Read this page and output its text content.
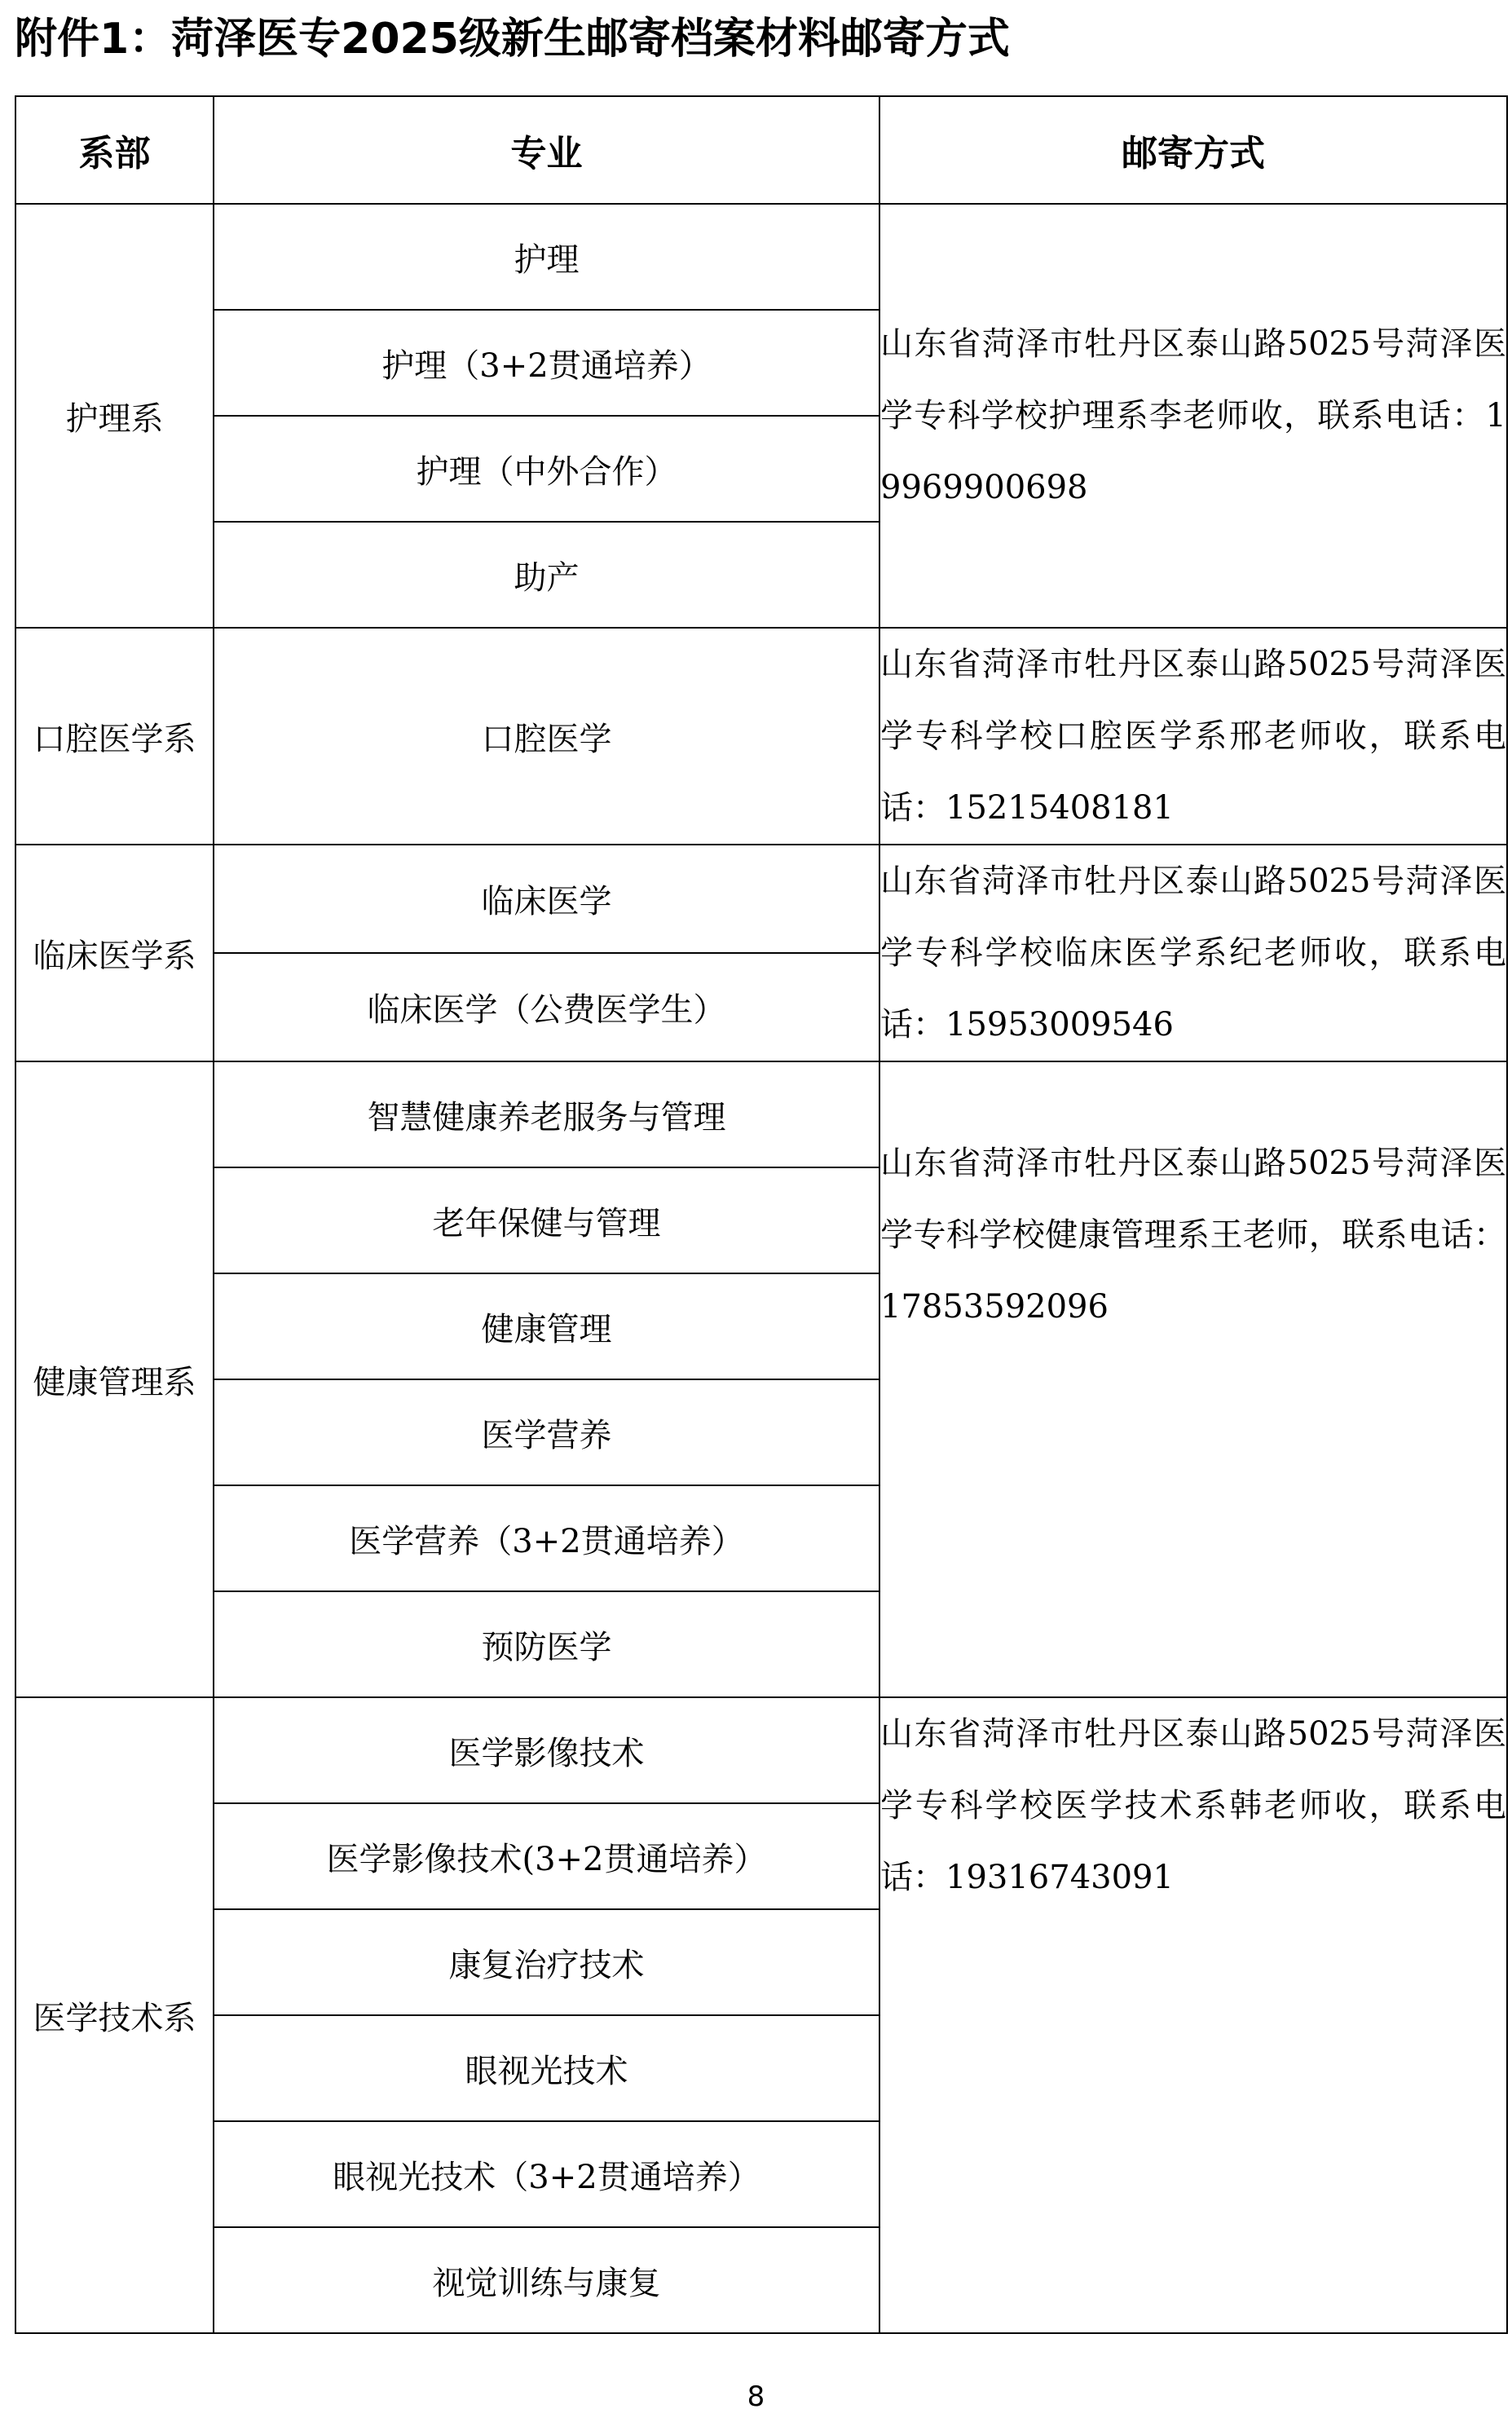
附件1：菏泽医专2025级新生邮寄档案材料邮寄方式
系部	专业	邮寄方式
护理系	护理	山东省菏泽市牡丹区泰山路5025号菏泽医学专科学校护理系李老师收，联系电话：19969900698
	护理（3+2贯通培养）	
	护理（中外合作）	
	助产	
口腔医学系	口腔医学	山东省菏泽市牡丹区泰山路5025号菏泽医学专科学校口腔医学系邢老师收，联系电话：15215408181
临床医学系	临床医学	山东省菏泽市牡丹区泰山路5025号菏泽医学专科学校临床医学系纪老师收，联系电话：15953009546
	临床医学（公费医学生）	
健康管理系	智慧健康养老服务与管理	山东省菏泽市牡丹区泰山路5025号菏泽医学专科学校健康管理系王老师，联系电话：17853592096
	老年保健与管理	
	健康管理	
	医学营养	
	医学营养（3+2贯通培养）	
	预防医学	
医学技术系	医学影像技术	山东省菏泽市牡丹区泰山路5025号菏泽医学专科学校医学技术系韩老师收，联系电话：19316743091
	医学影像技术(3+2贯通培养）	
	康复治疗技术	
	眼视光技术	
	眼视光技术（3+2贯通培养）	
	视觉训练与康复	
8
